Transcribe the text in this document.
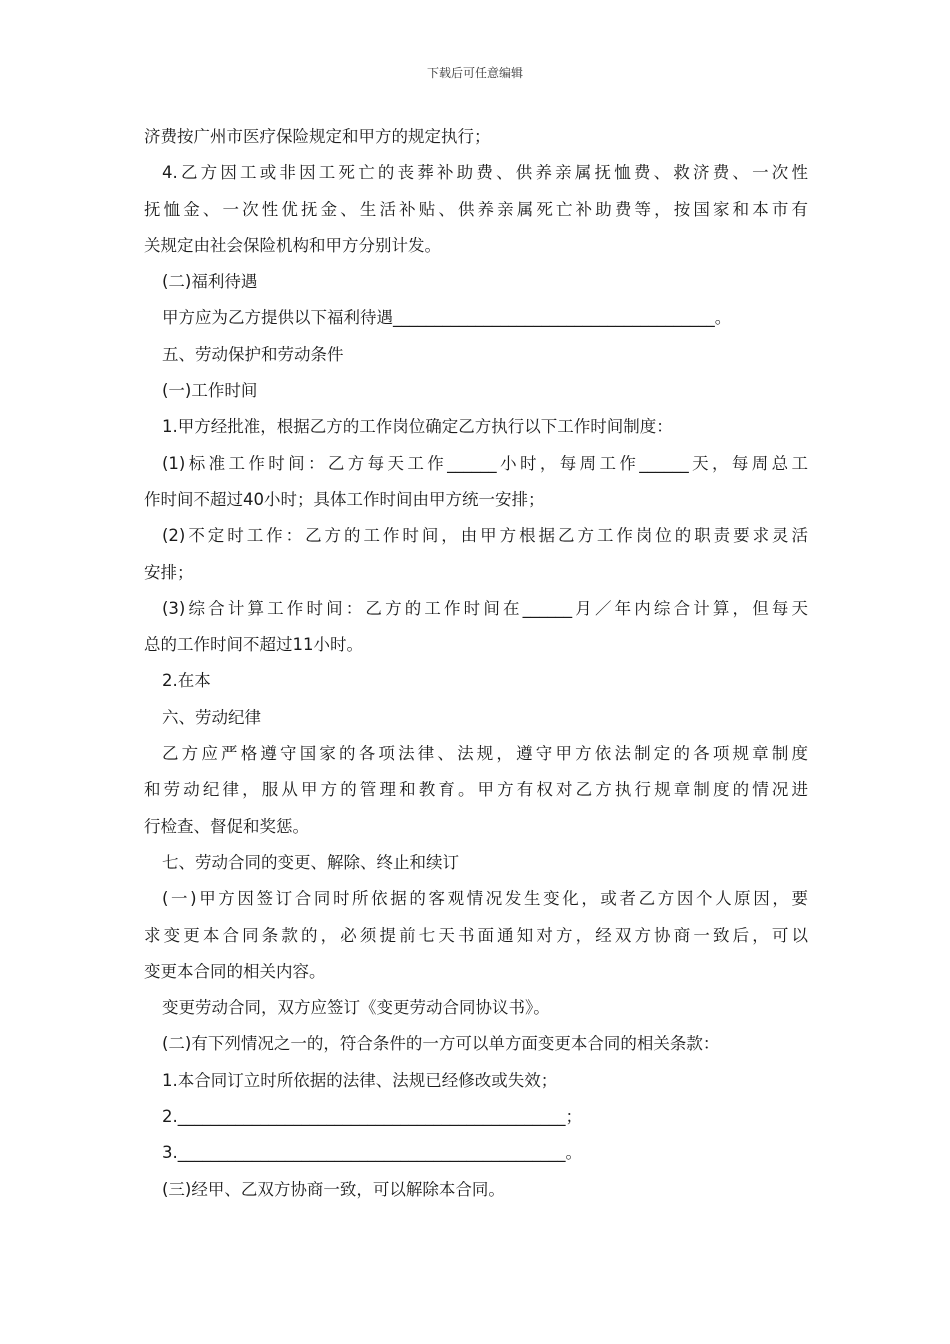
下载后可任意编辑
济费按广州市医疗保险规定和甲方的规定执行；
4.乙方因工或非因工死亡的丧葬补助费、供养亲属抚恤费、救济费、一次性
抚恤金、一次性优抚金、生活补贴、供养亲属死亡补助费等，按国家和本市有
关规定由社会保险机构和甲方分别计发。
(二)福利待遇
甲方应为乙方提供以下福利待遇_______________________________________。
五、劳动保护和劳动条件
(一)工作时间
1.甲方经批准，根据乙方的工作岗位确定乙方执行以下工作时间制度：
(1)标准工作时间：乙方每天工作______小时，每周工作______天，每周总工
作时间不超过40小时；具体工作时间由甲方统一安排；
(2)不定时工作：乙方的工作时间，由甲方根据乙方工作岗位的职责要求灵活
安排；
(3)综合计算工作时间：乙方的工作时间在______月／年内综合计算，但每天
总的工作时间不超过11小时。
2.在本
六、劳动纪律
乙方应严格遵守国家的各项法律、法规，遵守甲方依法制定的各项规章制度
和劳动纪律，服从甲方的管理和教育。甲方有权对乙方执行规章制度的情况进
行检查、督促和奖惩。
七、劳动合同的变更、解除、终止和续订
(一)甲方因签订合同时所依据的客观情况发生变化，或者乙方因个人原因，要
求变更本合同条款的，必须提前七天书面通知对方，经双方协商一致后，可以
变更本合同的相关内容。
变更劳动合同，双方应签订《变更劳动合同协议书》。
(二)有下列情况之一的，符合条件的一方可以单方面变更本合同的相关条款：
1.本合同订立时所依据的法律、法规已经修改或失效；
2._______________________________________________；
3._______________________________________________。
(三)经甲、乙双方协商一致，可以解除本合同。
